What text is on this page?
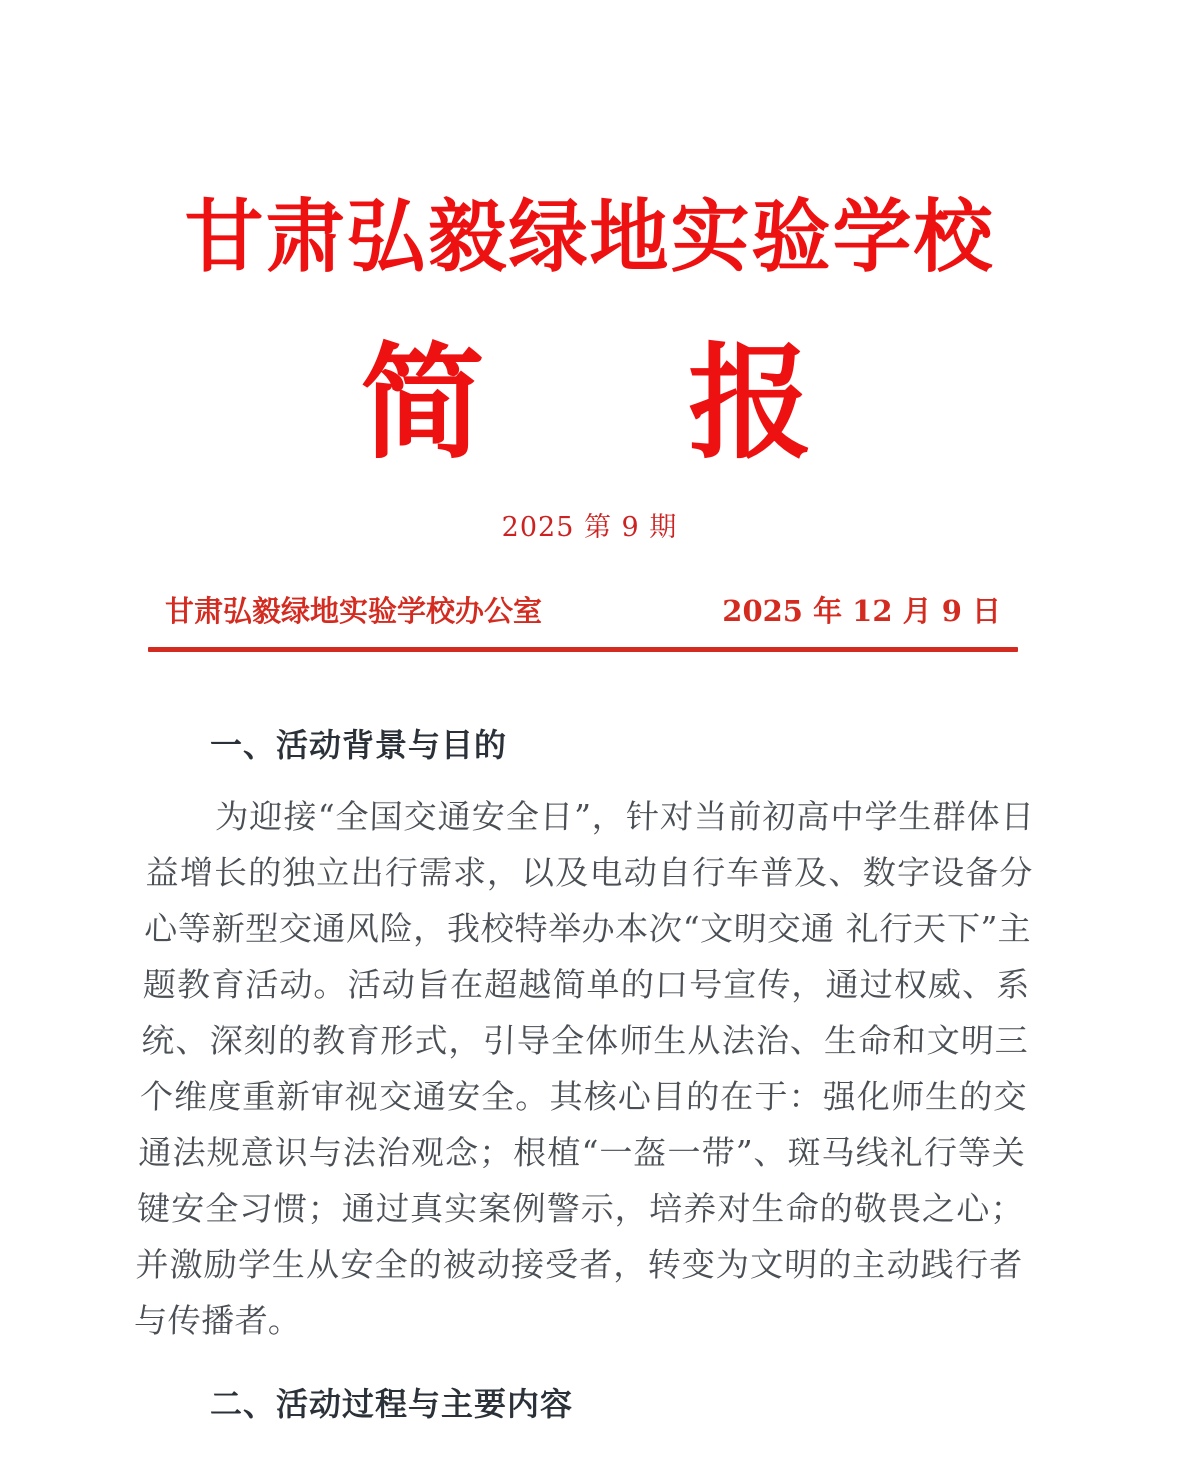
甘肃弘毅绿地实验学校
简    报
2025 第 9 期
甘肃弘毅绿地实验学校办公室	2025 年 12 月 9 日
一、活动背景与目的

为迎接“全国交通安全日”，针对当前初高中学生群体日益增长的独立出行需求，以及电动自行车普及、数字设备分心等新型交通风险，我校特举办本次“文明交通 礼行天下”主题教育活动。活动旨在超越简单的口号宣传，通过权威、系统、深刻的教育形式，引导全体师生从法治、生命和文明三个维度重新审视交通安全。其核心目的在于：强化师生的交通法规意识与法治观念；根植“一盔一带”、斑马线礼行等关键安全习惯；通过真实案例警示，培养对生命的敬畏之心；并激励学生从安全的被动接受者，转变为文明的主动践行者与传播者。

二、活动过程与主要内容
